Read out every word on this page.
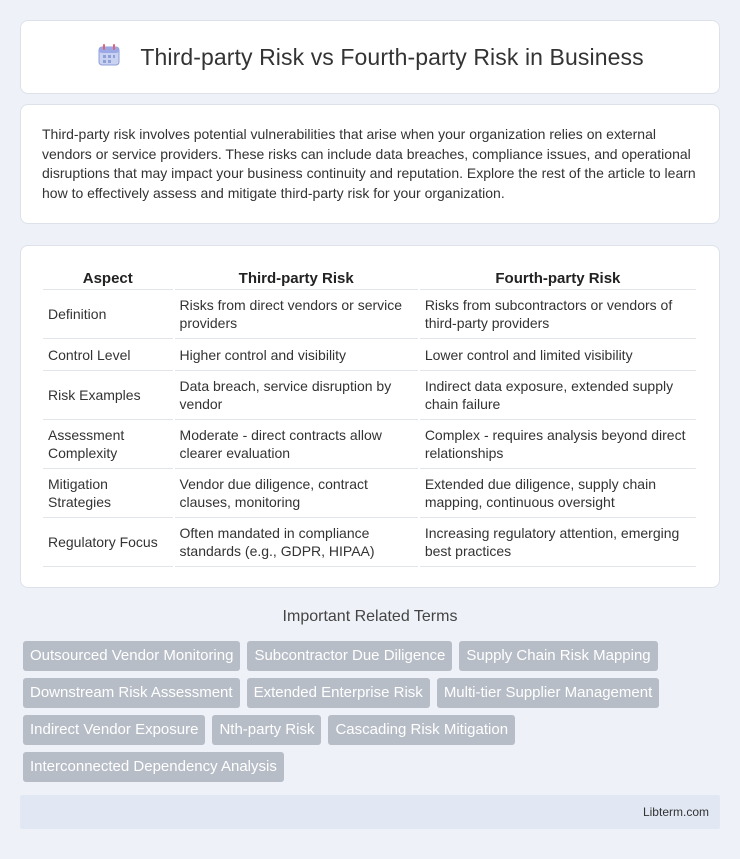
Third-party Risk vs Fourth-party Risk in Business

Third-party risk involves potential vulnerabilities that arise when your organization relies on external vendors or service providers. These risks can include data breaches, compliance issues, and operational disruptions that may impact your business continuity and reputation. Explore the rest of the article to learn how to effectively assess and mitigate third-party risk for your organization.

Aspect	Third-party Risk	Fourth-party Risk
Definition	Risks from direct vendors or service providers	Risks from subcontractors or vendors of third-party providers
Control Level	Higher control and visibility	Lower control and limited visibility
Risk Examples	Data breach, service disruption by vendor	Indirect data exposure, extended supply chain failure
Assessment Complexity	Moderate - direct contracts allow clearer evaluation	Complex - requires analysis beyond direct relationships
Mitigation Strategies	Vendor due diligence, contract clauses, monitoring	Extended due diligence, supply chain mapping, continuous oversight
Regulatory Focus	Often mandated in compliance standards (e.g., GDPR, HIPAA)	Increasing regulatory attention, emerging best practices
Important Related Terms
Outsourced Vendor Monitoring	Subcontractor Due Diligence	Supply Chain Risk Mapping
Downstream Risk Assessment	Extended Enterprise Risk	Multi-tier Supplier Management
Indirect Vendor Exposure	Nth-party Risk	Cascading Risk Mitigation
Interconnected Dependency Analysis
Libterm.com
